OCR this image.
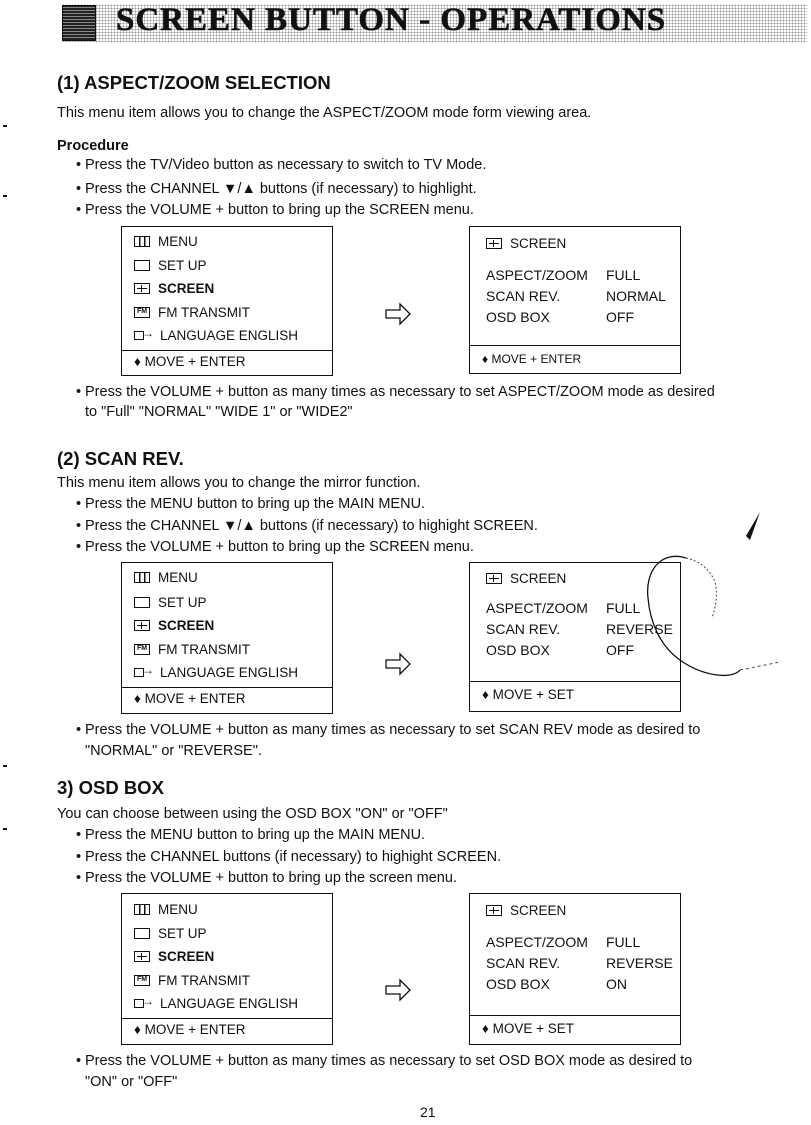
SCREEN BUTTON - OPERATIONS
(1) ASPECT/ZOOM SELECTION
This menu item allows you to change the ASPECT/ZOOM mode form viewing area.
Procedure
• Press the TV/Video button as necessary to switch to TV Mode.
• Press the CHANNEL ▼/▲ buttons (if necessary) to highlight.
• Press the VOLUME + button to bring up the SCREEN menu.
MENU
SET UP
SCREEN
FM FM TRANSMIT
→
LANGUAGE ENGLISH
♦ MOVE + ENTER
SCREEN
ASPECT/ZOOM FULL
SCAN REV.	NORMAL
OSD BOX	OFF
♦ MOVE + ENTER
• Press the VOLUME + button as many times as necessary to set ASPECT/ZOOM mode as desired
to "Full" "NORMAL" "WIDE 1" or "WIDE2"
(2) SCAN REV.
This menu item allows you to change the mirror function.
• Press the MENU button to bring up the MAIN MENU.
• Press the CHANNEL ▼/▲ buttons (if necessary) to highight SCREEN.
• Press the VOLUME + button to bring up the SCREEN menu.
MENU
SET UP
SCREEN
FM FM TRANSMIT
→
LANGUAGE ENGLISH
♦ MOVE + ENTER
SCREEN
ASPECT/ZOOM FULL
SCAN REV.	REVERSE
OSD BOX	OFF
♦ MOVE + SET
• Press the VOLUME + button as many times as necessary to set SCAN REV mode as desired to
"NORMAL" or "REVERSE".
3) OSD BOX
You can choose between using the OSD BOX "ON" or "OFF"
• Press the MENU button to bring up the MAIN MENU.
• Press the CHANNEL buttons (if necessary) to highight SCREEN.
• Press the VOLUME + button to bring up the screen menu.
MENU
SET UP
SCREEN
FM FM TRANSMIT
→
LANGUAGE ENGLISH
♦ MOVE + ENTER
SCREEN
ASPECT/ZOOM FULL
SCAN REV.	REVERSE
OSD BOX	ON
♦ MOVE + SET
• Press the VOLUME + button as many times as necessary to set OSD BOX mode as desired to
"ON" or "OFF"
21
